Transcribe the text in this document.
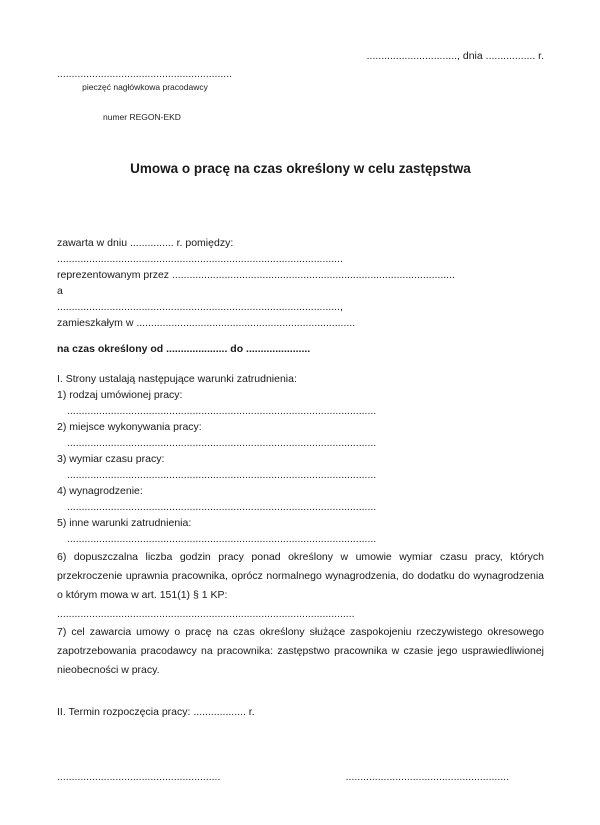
..............................., dnia ................. r.
............................................................
pieczęć nagłówkowa pracodawcy
numer REGON-EKD
Umowa o pracę na czas określony w celu zastępstwa
zawarta w dniu ............... r. pomiędzy:
..................................................................................................
reprezentowanym przez .................................................................................................
a
.................................................................................................,
zamieszkałym w ...........................................................................
na czas określony od ..................... do ......................
I. Strony ustalają następujące warunki zatrudnienia:
1) rodzaj umówionej pracy:
..........................................................................................................
2) miejsce wykonywania pracy:
..........................................................................................................
3) wymiar czasu pracy:
..........................................................................................................
4) wynagrodzenie:
..........................................................................................................
5) inne warunki zatrudnienia:
..........................................................................................................
6) dopuszczalna liczba godzin pracy ponad określony w umowie wymiar czasu pracy, których przekroczenie uprawnia pracownika, oprócz normalnego wynagrodzenia, do dodatku do wynagrodzenia o którym mowa w art. 151(1) § 1 KP:
......................................................................................................
7) cel zawarcia umowy o pracę na czas określony służące zaspokojeniu rzeczywistego okresowego zapotrzebowania pracodawcy na pracownika: zastępstwo pracownika w czasie jego usprawiedliwionej nieobecności w pracy.
II. Termin rozpoczęcia pracy: .................. r.
........................................................	........................................................
